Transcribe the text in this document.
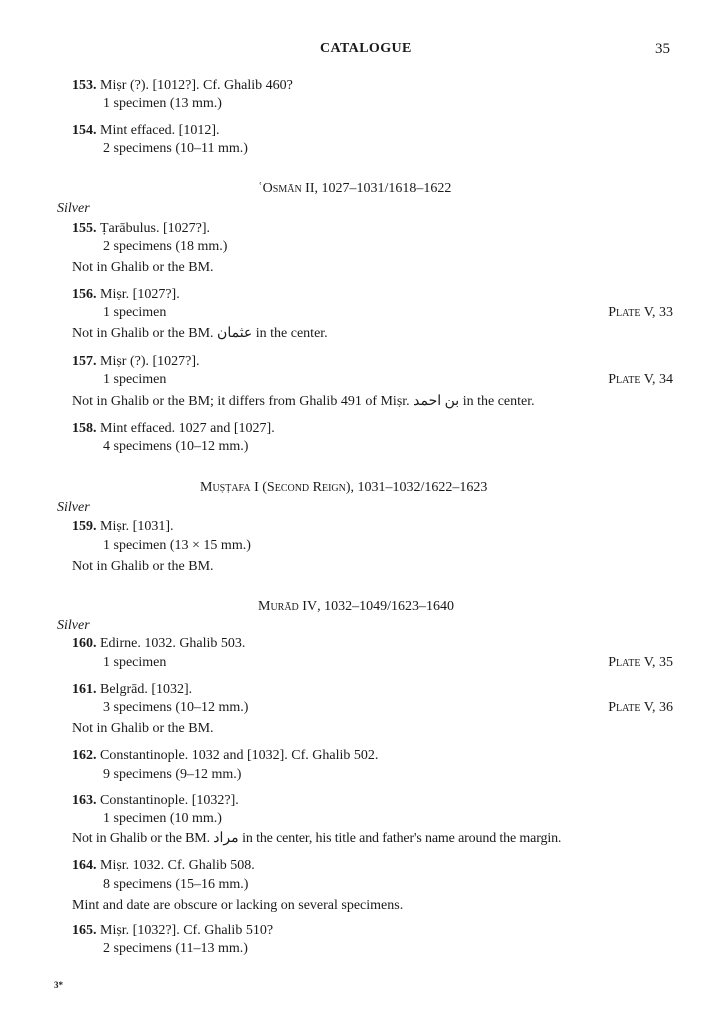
CATALOGUE	35
153. Miṣr (?). [1012?]. Cf. Ghalib 460?
1 specimen (13 mm.)
154. Mint effaced. [1012].
2 specimens (10–11 mm.)
ʿOsmān II, 1027–1031/1618–1622
Silver
155. Ṭarābulus. [1027?].
2 specimens (18 mm.)
Not in Ghalib or the BM.
156. Miṣr. [1027?].
1 specimen	Plate V, 33
Not in Ghalib or the BM. عثمان in the center.
157. Miṣr (?). [1027?].
1 specimen	Plate V, 34
Not in Ghalib or the BM; it differs from Ghalib 491 of Miṣr. بن احمد in the center.
158. Mint effaced. 1027 and [1027].
4 specimens (10–12 mm.)
Muṣṭafa I (Second Reign), 1031–1032/1622–1623
Silver
159. Miṣr. [1031].
1 specimen (13 × 15 mm.)
Not in Ghalib or the BM.
Murād IV, 1032–1049/1623–1640
Silver
160. Edirne. 1032. Ghalib 503.
1 specimen	Plate V, 35
161. Belgrād. [1032].
3 specimens (10–12 mm.)	Plate V, 36
Not in Ghalib or the BM.
162. Constantinople. 1032 and [1032]. Cf. Ghalib 502.
9 specimens (9–12 mm.)
163. Constantinople. [1032?].
1 specimen (10 mm.)
Not in Ghalib or the BM. مراد in the center, his title and father's name around the margin.
164. Miṣr. 1032. Cf. Ghalib 508.
8 specimens (15–16 mm.)
Mint and date are obscure or lacking on several specimens.
165. Miṣr. [1032?]. Cf. Ghalib 510?
2 specimens (11–13 mm.)
3*
